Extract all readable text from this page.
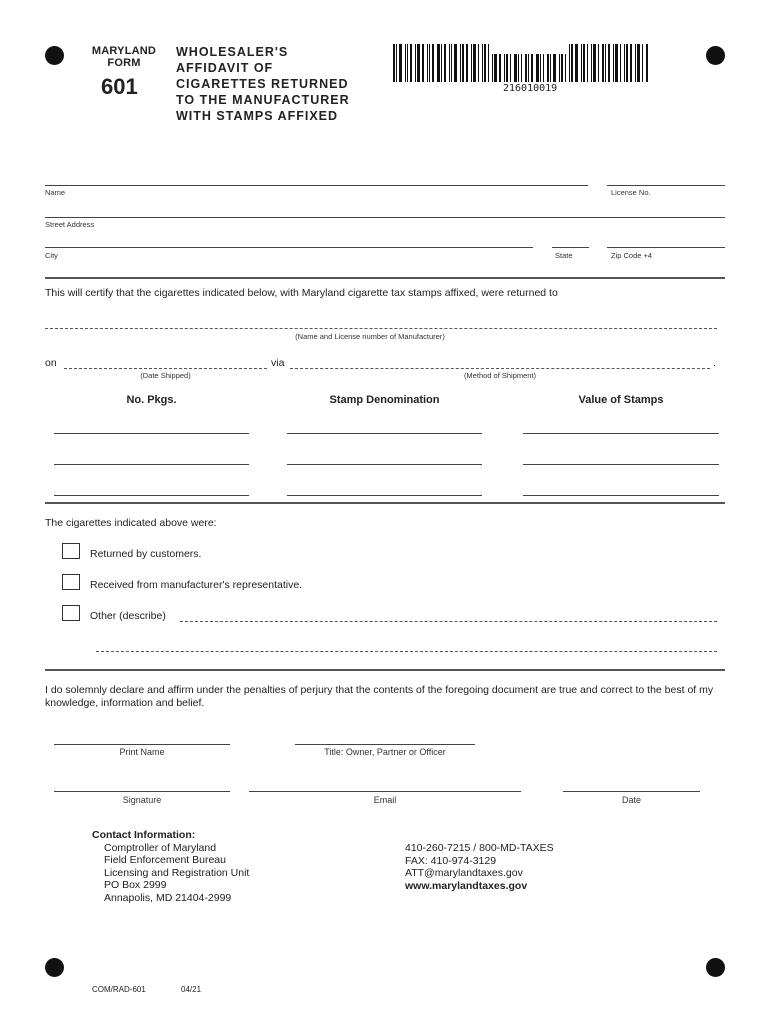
MARYLAND
FORM
601
WHOLESALER'S
AFFIDAVIT OF
CIGARETTES RETURNED
TO THE MANUFACTURER
WITH STAMPS AFFIXED
216010019
Name	License No.
Street Address
City	State	Zip Code +4
This will certify that the cigarettes indicated below, with Maryland cigarette tax stamps affixed, were returned to
(Name and License number of Manufacturer)
on	via	.
(Date Shipped)	(Method of Shipment)
No. Pkgs.	Stamp Denomination	Value of Stamps
The cigarettes indicated above were:
Returned by customers.
Received from manufacturer's representative.
Other (describe)
I do solemnly declare and affirm under the penalties of perjury that the contents of the foregoing document are true and correct to the best of my knowledge, information and belief.
Print Name	Title: Owner, Partner or Officer
Signature	Email	Date
Contact Information:
Comptroller of Maryland
Field Enforcement Bureau
Licensing and Registration Unit
PO Box 2999
Annapolis, MD 21404-2999
410-260-7215 / 800-MD-TAXES
FAX: 410-974-3129
ATT@marylandtaxes.gov
www.marylandtaxes.gov
COM/RAD-601	04/21
